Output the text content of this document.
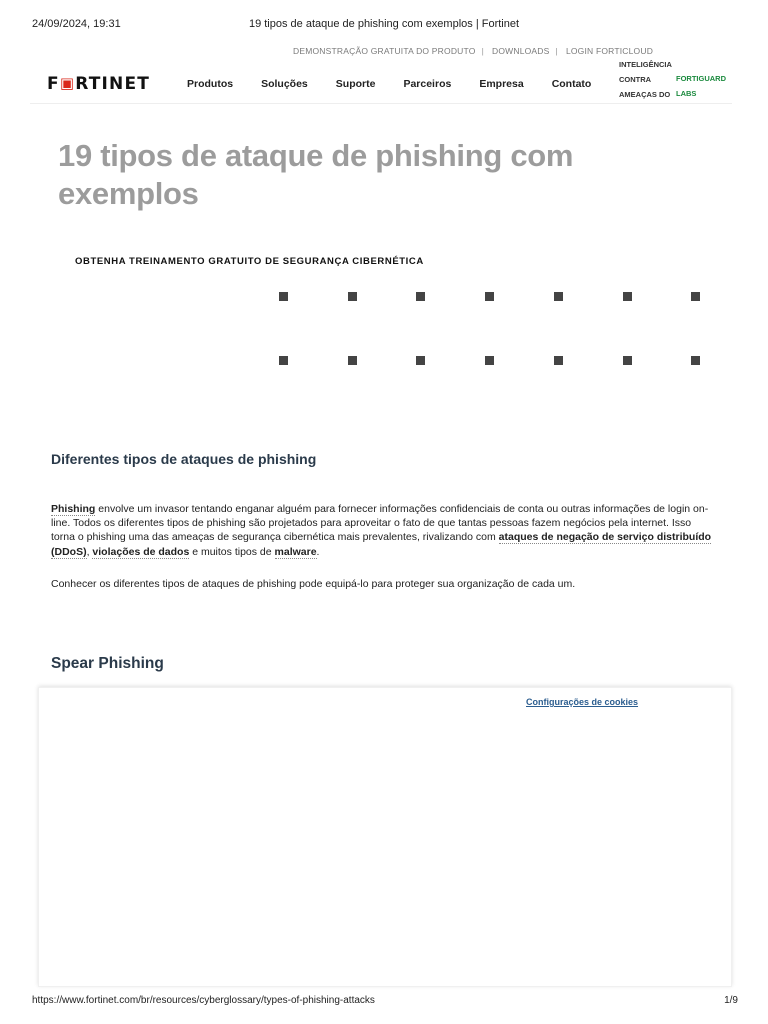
24/09/2024, 19:31	19 tipos de ataque de phishing com exemplos | Fortinet
DEMONSTRAÇÃO GRATUITA DO PRODUTO | DOWNLOADS | LOGIN FORTICLOUD
F▣RTINET	Produtos	Soluções	Suporte	Parceiros	Empresa	Contato
INTELIGÊNCIA
CONTRA
AMEAÇAS DO
FORTIGUARD
LABS
19 tipos de ataque de phishing com exemplos
OBTENHA TREINAMENTO GRATUITO DE SEGURANÇA CIBERNÉTICA
Diferentes tipos de ataques de phishing

Phishing envolve um invasor tentando enganar alguém para fornecer informações confidenciais de conta ou outras informações de login on-line. Todos os diferentes tipos de phishing são projetados para aproveitar o fato de que tantas pessoas fazem negócios pela internet. Isso torna o phishing uma das ameaças de segurança cibernética mais prevalentes, rivalizando com ataques de negação de serviço distribuído (DDoS), violações de dados e muitos tipos de malware.

Conhecer os diferentes tipos de ataques de phishing pode equipá-lo para proteger sua organização de cada um.

Spear Phishing
Configurações de cookies
https://www.fortinet.com/br/resources/cyberglossary/types-of-phishing-attacks	1/9
